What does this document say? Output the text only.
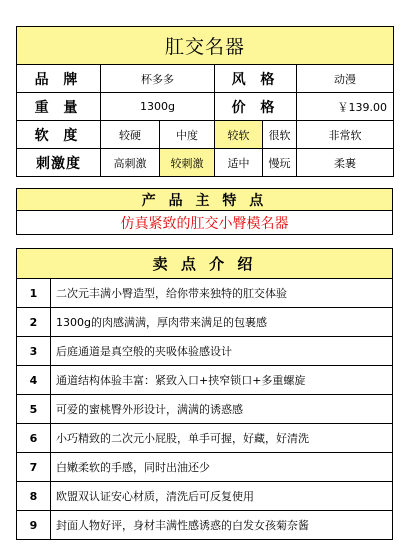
肛交名器					
品 牌	杯多多		风 格		动漫
重 量	1300g		价 格		￥139.00
软 度	较硬	中度	较软	很软	非常软
刺激度	高刺激	较刺激	适中	慢玩	柔裹
产 品 主 特 点
仿真紧致的肛交小臀模名器
卖 点 介 绍	
1	二次元丰满小臀造型，给你带来独特的肛交体验
2	1300g的肉感满满，厚肉带来满足的包裹感
3	后庭通道是真空般的夹吸体验感设计
4	通道结构体验丰富：紧致入口+挟窄锁口+多重螺旋
5	可爱的蜜桃臀外形设计，满满的诱惑感
6	小巧精致的二次元小屁股，单手可握，好藏，好清洗
7	白嫩柔软的手感，同时出油还少
8	欧盟双认证安心材质，清洗后可反复使用
9	封面人物好评，身材丰满性感诱惑的白发女孩菊奈酱
